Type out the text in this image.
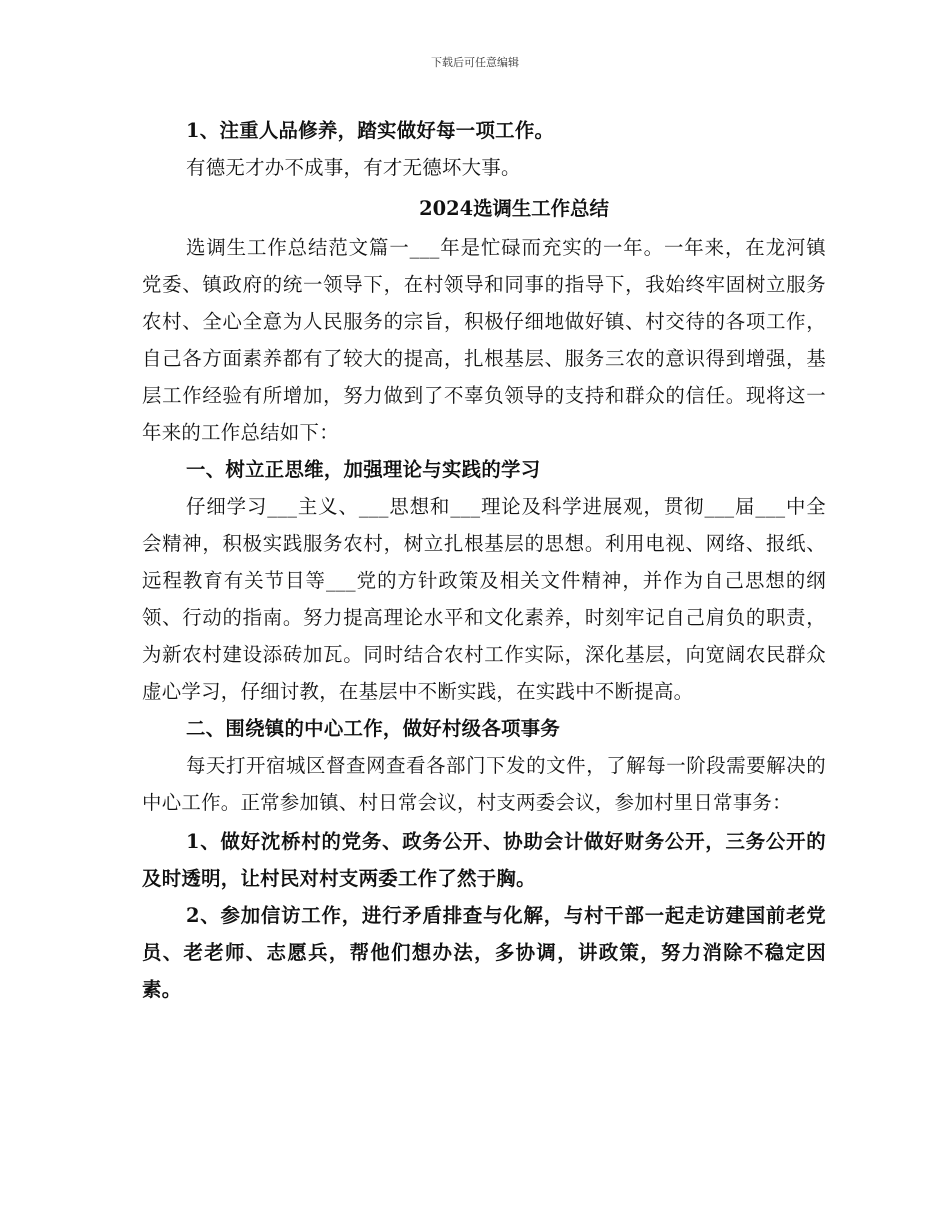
下载后可任意编辑

1、注重人品修养，踏实做好每一项工作。

有德无才办不成事，有才无德坏大事。

2024选调生工作总结

选调生工作总结范文篇一___年是忙碌而充实的一年。一年来，在龙河镇党委、镇政府的统一领导下，在村领导和同事的指导下，我始终牢固树立服务农村、全心全意为人民服务的宗旨，积极仔细地做好镇、村交待的各项工作，自己各方面素养都有了较大的提高，扎根基层、服务三农的意识得到增强，基层工作经验有所增加，努力做到了不辜负领导的支持和群众的信任。现将这一年来的工作总结如下：

一、树立正思维，加强理论与实践的学习

仔细学习___主义、___思想和___理论及科学进展观，贯彻___届___中全会精神，积极实践服务农村，树立扎根基层的思想。利用电视、网络、报纸、远程教育有关节目等___党的方针政策及相关文件精神，并作为自己思想的纲领、行动的指南。努力提高理论水平和文化素养，时刻牢记自己肩负的职责，为新农村建设添砖加瓦。同时结合农村工作实际，深化基层，向宽阔农民群众虚心学习，仔细讨教，在基层中不断实践，在实践中不断提高。

二、围绕镇的中心工作，做好村级各项事务

每天打开宿城区督查网查看各部门下发的文件，了解每一阶段需要解决的中心工作。正常参加镇、村日常会议，村支两委会议，参加村里日常事务：

1、做好沈桥村的党务、政务公开、协助会计做好财务公开，三务公开的及时透明，让村民对村支两委工作了然于胸。

2、参加信访工作，进行矛盾排查与化解，与村干部一起走访建国前老党员、老老师、志愿兵，帮他们想办法，多协调，讲政策，努力消除不稳定因素。
